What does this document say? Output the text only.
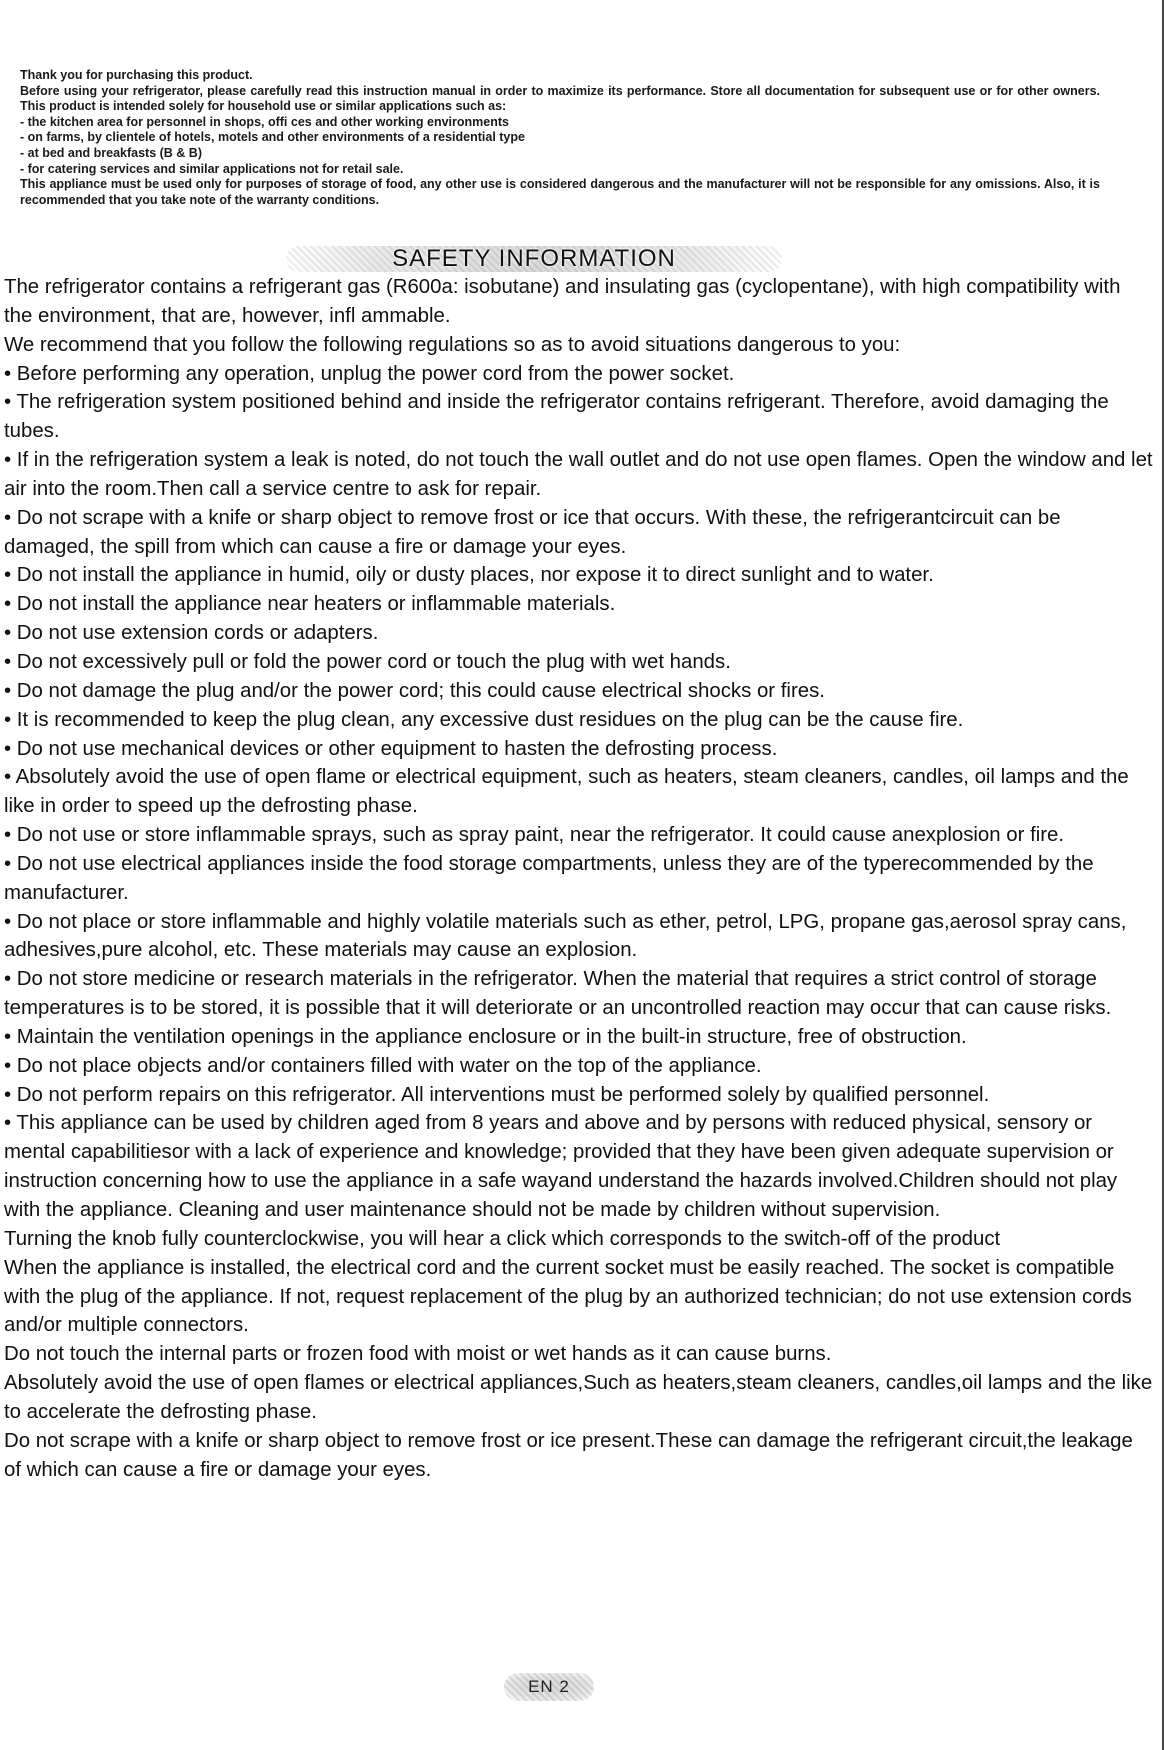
Thank you for purchasing this product.

Before using your refrigerator, please carefully read this instruction manual in order to maximize its performance. Store all documentation for subsequent use or for other owners. This product is intended solely for household use or similar applications such as:

- the kitchen area for personnel in shops, offi ces and other working environments

- on farms, by clientele of hotels, motels and other environments of a residential type

- at bed and breakfasts (B & B)

- for catering services and similar applications not for retail sale.

This appliance must be used only for purposes of storage of food, any other use is considered dangerous and the manufacturer will not be responsible for any omissions. Also, it is recommended that you take note of the warranty conditions.

SAFETY INFORMATION

The refrigerator contains a refrigerant gas (R600a: isobutane) and insulating gas (cyclopentane), with high compatibility with the environment, that are, however, infl ammable.

We recommend that you follow the following regulations so as to avoid situations dangerous to you:

• Before performing any operation, unplug the power cord from the power socket.

• The refrigeration system positioned behind and inside the refrigerator contains refrigerant. Therefore, avoid damaging the tubes.

• If in the refrigeration system a leak is noted, do not touch the wall outlet and do not use open flames. Open the window and let air into the room.Then call a service centre to ask for repair.

• Do not scrape with a knife or sharp object to remove frost or ice that occurs. With these, the refrigerantcircuit can be damaged, the spill from which can cause a fire or damage your eyes.

• Do not install the appliance in humid, oily or dusty places, nor expose it to direct sunlight and to water.

• Do not install the appliance near heaters or inflammable materials.

• Do not use extension cords or adapters.

• Do not excessively pull or fold the power cord or touch the plug with wet hands.

• Do not damage the plug and/or the power cord; this could cause electrical shocks or fires.

• It is recommended to keep the plug clean, any excessive dust residues on the plug can be the cause fire.

• Do not use mechanical devices or other equipment to hasten the defrosting process.

• Absolutely avoid the use of open flame or electrical equipment, such as heaters, steam cleaners, candles, oil lamps and the like in order to speed up the defrosting phase.

• Do not use or store inflammable sprays, such as spray paint, near the refrigerator. It could cause anexplosion or fire.

• Do not use electrical appliances inside the food storage compartments, unless they are of the typerecommended by the manufacturer.

• Do not place or store inflammable and highly volatile materials such as ether, petrol, LPG, propane gas,aerosol spray cans, adhesives,pure alcohol, etc. These materials may cause an explosion.

• Do not store medicine or research materials in the refrigerator. When the material that requires a strict control of storage temperatures is to be stored, it is possible that it will deteriorate or an uncontrolled reaction may occur that can cause risks.

• Maintain the ventilation openings in the appliance enclosure or in the built-in structure, free of obstruction.

• Do not place objects and/or containers filled with water on the top of the appliance.

• Do not perform repairs on this refrigerator. All interventions must be performed solely by qualified personnel.

• This appliance can be used by children aged from 8 years and above and by persons with reduced physical, sensory or mental capabilitiesor with a lack of experience and knowledge; provided that they have been given adequate supervision or instruction concerning how to use the appliance in a safe wayand understand the hazards involved.Children should not play with the appliance. Cleaning and user maintenance should not be made by children without supervision.

Turning the knob fully counterclockwise, you will hear a click which corresponds to the switch-off of the product

When the appliance is installed, the electrical cord and the current socket must be easily reached. The socket is compatible with the plug of the appliance. If not, request replacement of the plug by an authorized technician; do not use extension cords and/or multiple connectors.

Do not touch the internal parts or frozen food with moist or wet hands as it can cause burns.

Absolutely avoid the use of open flames or electrical appliances,Such as heaters,steam cleaners, candles,oil lamps and the like to accelerate the defrosting phase.

Do not scrape with a knife or sharp object to remove frost or ice present.These can damage the refrigerant circuit,the leakage of which can cause a fire or damage your eyes.

EN 2
